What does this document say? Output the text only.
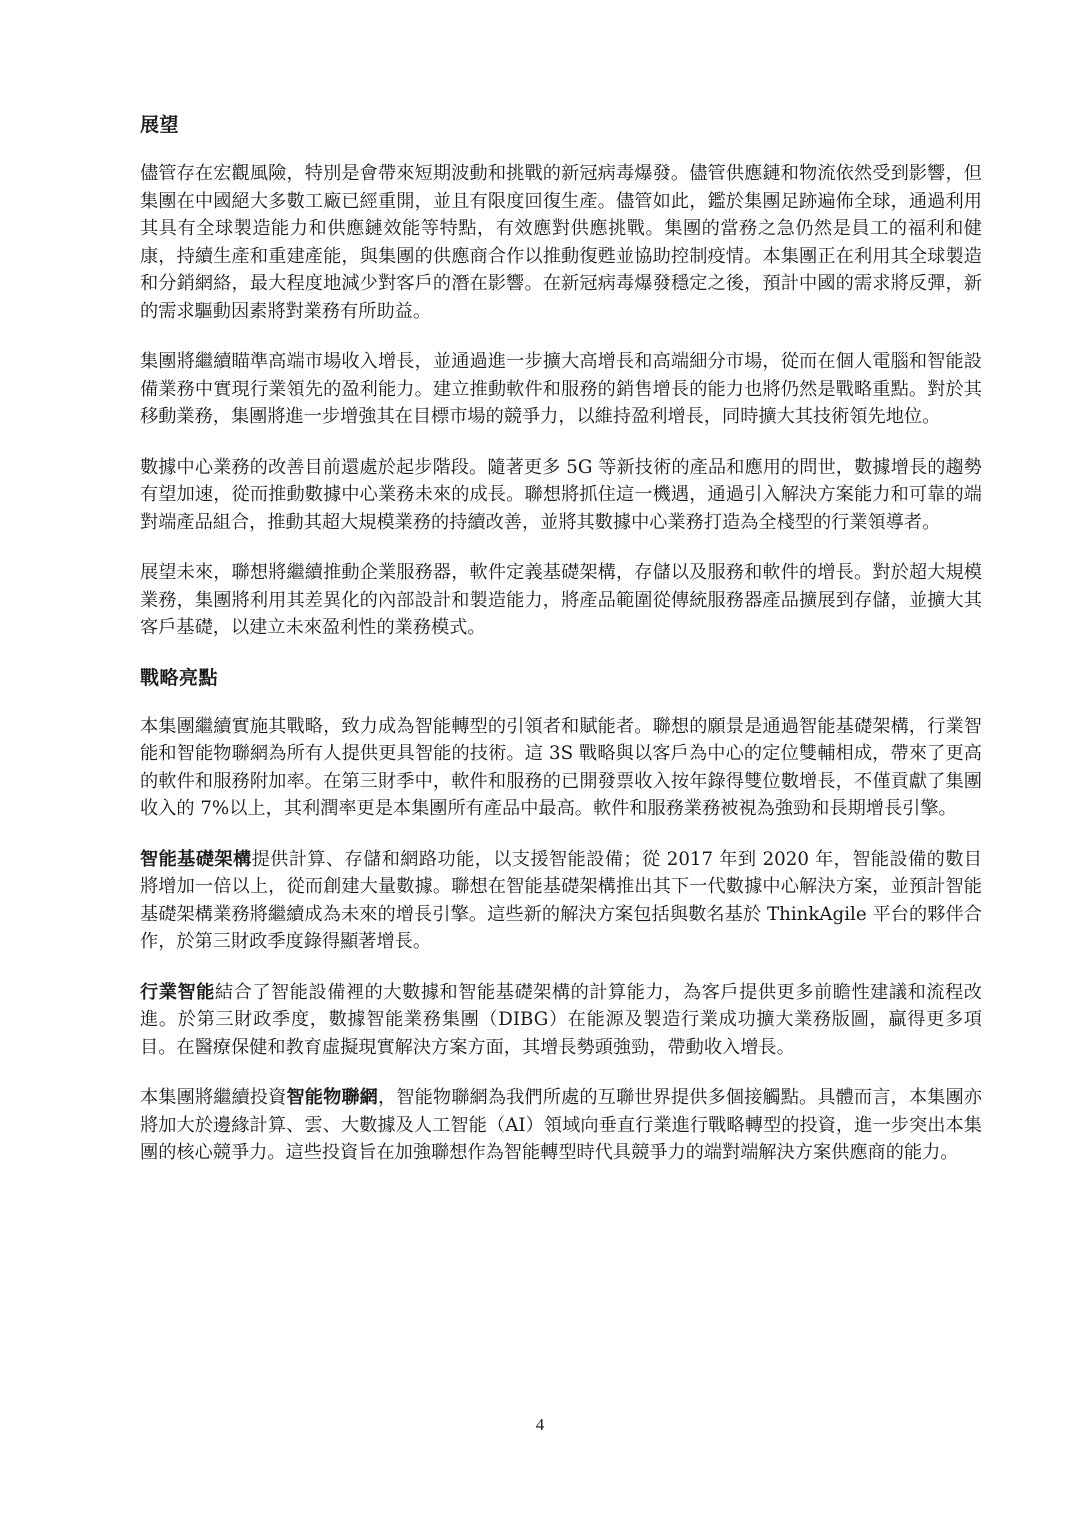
展望

儘管存在宏觀風險，特別是會帶來短期波動和挑戰的新冠病毒爆發。儘管供應鏈和物流依然受到影響，但集團在中國絕大多數工廠已經重開，並且有限度回復生產。儘管如此，鑑於集團足跡遍佈全球，通過利用其具有全球製造能力和供應鏈效能等特點，有效應對供應挑戰。集團的當務之急仍然是員工的福利和健康，持續生產和重建產能，與集團的供應商合作以推動復甦並協助控制疫情。本集團正在利用其全球製造和分銷網絡，最大程度地減少對客戶的潛在影響。在新冠病毒爆發穩定之後，預計中國的需求將反彈，新的需求驅動因素將對業務有所助益。

集團將繼續瞄準高端市場收入增長，並通過進一步擴大高增長和高端細分市場，從而在個人電腦和智能設備業務中實現行業領先的盈利能力。建立推動軟件和服務的銷售增長的能力也將仍然是戰略重點。對於其移動業務，集團將進一步增強其在目標市場的競爭力，以維持盈利增長，同時擴大其技術領先地位。

數據中心業務的改善目前還處於起步階段。隨著更多 5G 等新技術的產品和應用的問世，數據增長的趨勢有望加速，從而推動數據中心業務未來的成長。聯想將抓住這一機遇，通過引入解決方案能力和可靠的端對端產品組合，推動其超大規模業務的持續改善，並將其數據中心業務打造為全棧型的行業領導者。

展望未來，聯想將繼續推動企業服務器，軟件定義基礎架構，存儲以及服務和軟件的增長。對於超大規模業務，集團將利用其差異化的內部設計和製造能力，將產品範圍從傳統服務器產品擴展到存儲，並擴大其客戶基礎，以建立未來盈利性的業務模式。

戰略亮點

本集團繼續實施其戰略，致力成為智能轉型的引領者和賦能者。聯想的願景是通過智能基礎架構，行業智能和智能物聯網為所有人提供更具智能的技術。這 3S 戰略與以客戶為中心的定位雙輔相成，帶來了更高的軟件和服務附加率。在第三財季中，軟件和服務的已開發票收入按年錄得雙位數增長，不僅貢獻了集團收入的 7%以上，其利潤率更是本集團所有產品中最高。軟件和服務業務被視為強勁和長期增長引擎。

智能基礎架構提供計算、存儲和網路功能，以支援智能設備；從 2017 年到 2020 年，智能設備的數目將增加一倍以上，從而創建大量數據。聯想在智能基礎架構推出其下一代數據中心解決方案，並預計智能基礎架構業務將繼續成為未來的增長引擎。這些新的解決方案包括與數名基於 ThinkAgile 平台的夥伴合作，於第三財政季度錄得顯著增長。

行業智能結合了智能設備裡的大數據和智能基礎架構的計算能力，為客戶提供更多前瞻性建議和流程改進。於第三財政季度，數據智能業務集團（DIBG）在能源及製造行業成功擴大業務版圖，贏得更多項目。在醫療保健和教育虛擬現實解決方案方面，其增長勢頭強勁，帶動收入增長。

本集團將繼續投資智能物聯網，智能物聯網為我們所處的互聯世界提供多個接觸點。具體而言，本集團亦將加大於邊緣計算、雲、大數據及人工智能（AI）領域向垂直行業進行戰略轉型的投資，進一步突出本集團的核心競爭力。這些投資旨在加強聯想作為智能轉型時代具競爭力的端對端解決方案供應商的能力。

4
